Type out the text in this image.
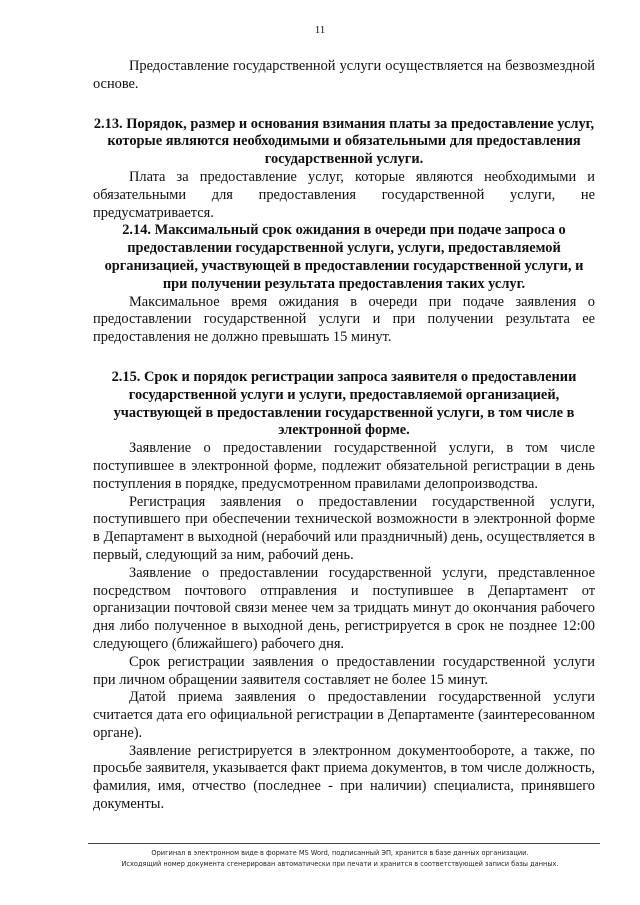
11

Предоставление государственной услуги осуществляется на безвозмездной основе.

2.13. Порядок, размер и основания взимания платы за предоставление услуг, которые являются необходимыми и обязательными для предоставления государственной услуги.

Плата за предоставление услуг, которые являются необходимыми и обязательными для предоставления государственной услуги, не предусматривается.

2.14. Максимальный срок ожидания в очереди при подаче запроса о предоставлении государственной услуги, услуги, предоставляемой организацией, участвующей в предоставлении государственной услуги, и при получении результата предоставления таких услуг.

Максимальное время ожидания в очереди при подаче заявления о предоставлении государственной услуги и при получении результата ее предоставления не должно превышать 15 минут.

2.15. Срок и порядок регистрации запроса заявителя о предоставлении государственной услуги и услуги, предоставляемой организацией, участвующей в предоставлении государственной услуги, в том числе в электронной форме.

Заявление о предоставлении государственной услуги, в том числе поступившее в электронной форме, подлежит обязательной регистрации в день поступления в порядке, предусмотренном правилами делопроизводства.

Регистрация заявления о предоставлении государственной услуги, поступившего при обеспечении технической возможности в электронной форме в Департамент в выходной (нерабочий или праздничный) день, осуществляется в первый, следующий за ним, рабочий день.

Заявление о предоставлении государственной услуги, представленное посредством почтового отправления и поступившее в Департамент от организации почтовой связи менее чем за тридцать минут до окончания рабочего дня либо полученное в выходной день, регистрируется в срок не позднее 12:00 следующего (ближайшего) рабочего дня.

Срок регистрации заявления о предоставлении государственной услуги при личном обращении заявителя составляет не более 15 минут.

Датой приема заявления о предоставлении государственной услуги считается дата его официальной регистрации в Департаменте (заинтересованном органе).

Заявление регистрируется в электронном документообороте, а также, по просьбе заявителя, указывается факт приема документов, в том числе должность, фамилия, имя, отчество (последнее - при наличии) специалиста, принявшего документы.

Оригинал в электронном виде в формате MS Word, подписанный ЭП, хранится в базе данных организации.
Исходящий номер документа сгенерирован автоматически при печати и хранится в соответствующей записи базы данных.
